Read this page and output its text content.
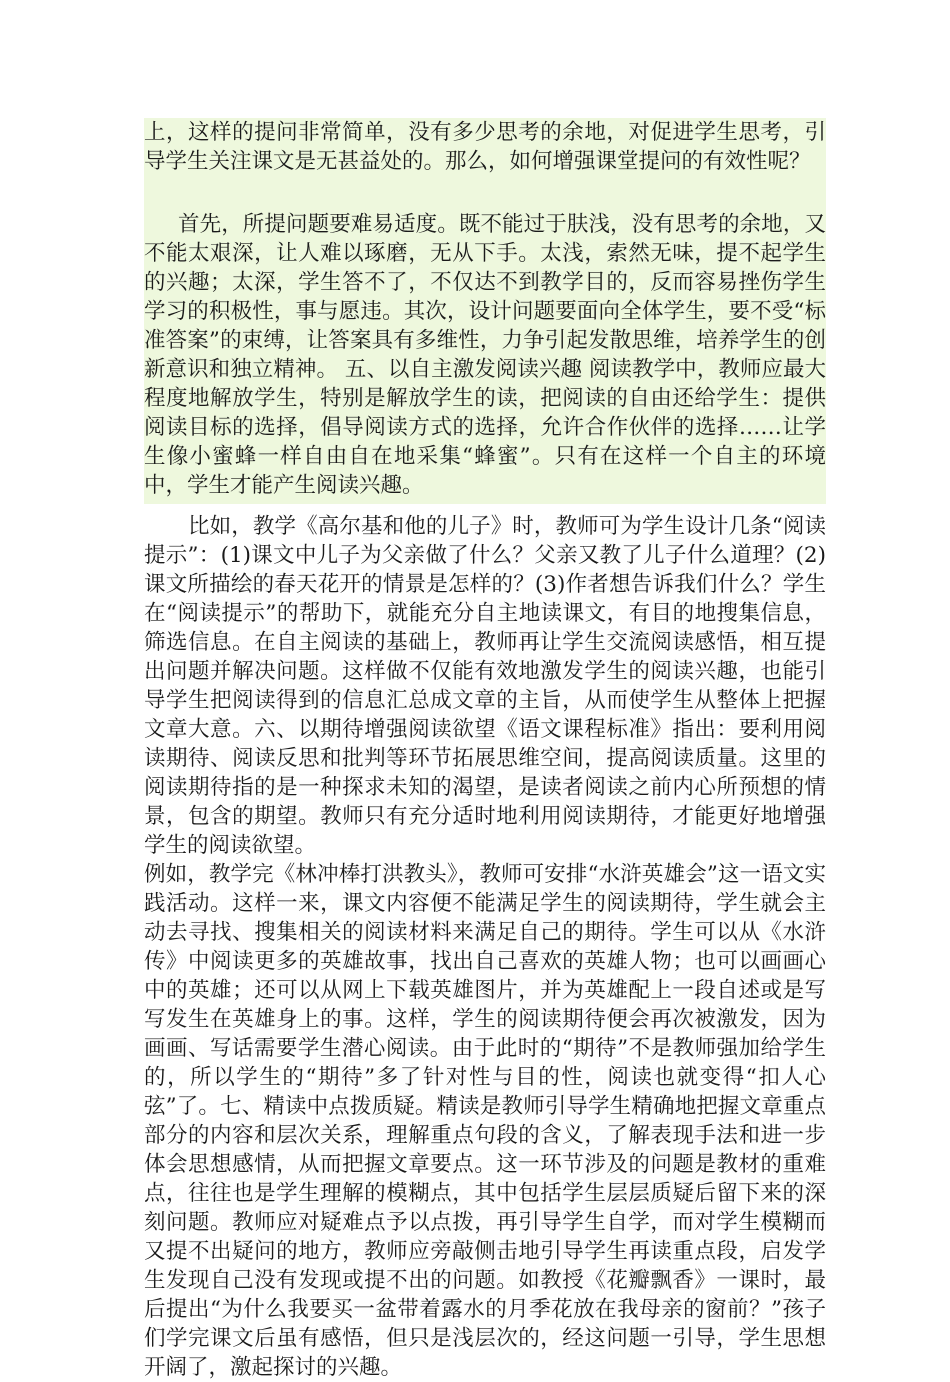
上，这样的提问非常简单，没有多少思考的余地，对促进学生思考，引导学生关注课文是无甚益处的。那么，如何增强课堂提问的有效性呢？

首先，所提问题要难易适度。既不能过于肤浅，没有思考的余地，又不能太艰深，让人难以琢磨，无从下手。太浅，索然无味，提不起学生的兴趣；太深，学生答不了，不仅达不到教学目的，反而容易挫伤学生学习的积极性，事与愿违。其次，设计问题要面向全体学生，要不受“标准答案”的束缚，让答案具有多维性，力争引起发散思维，培养学生的创新意识和独立精神。 五、以自主激发阅读兴趣 阅读教学中，教师应最大程度地解放学生，特别是解放学生的读，把阅读的自由还给学生：提供阅读目标的选择，倡导阅读方式的选择，允许合作伙伴的选择……让学生像小蜜蜂一样自由自在地采集“蜂蜜”。只有在这样一个自主的环境中，学生才能产生阅读兴趣。

比如，教学《高尔基和他的儿子》时，教师可为学生设计几条“阅读提示”：(1)课文中儿子为父亲做了什么？父亲又教了儿子什么道理？(2)课文所描绘的春天花开的情景是怎样的？(3)作者想告诉我们什么？学生在“阅读提示”的帮助下，就能充分自主地读课文，有目的地搜集信息，筛选信息。在自主阅读的基础上，教师再让学生交流阅读感悟，相互提出问题并解决问题。这样做不仅能有效地激发学生的阅读兴趣，也能引导学生把阅读得到的信息汇总成文章的主旨，从而使学生从整体上把握文章大意。六、以期待增强阅读欲望《语文课程标准》指出：要利用阅读期待、阅读反思和批判等环节拓展思维空间，提高阅读质量。这里的阅读期待指的是一种探求未知的渴望，是读者阅读之前内心所预想的情景，包含的期望。教师只有充分适时地利用阅读期待，才能更好地增强学生的阅读欲望。

例如，教学完《林冲棒打洪教头》，教师可安排“水浒英雄会”这一语文实践活动。这样一来，课文内容便不能满足学生的阅读期待，学生就会主动去寻找、搜集相关的阅读材料来满足自己的期待。学生可以从《水浒传》中阅读更多的英雄故事，找出自己喜欢的英雄人物；也可以画画心中的英雄；还可以从网上下载英雄图片，并为英雄配上一段自述或是写写发生在英雄身上的事。这样，学生的阅读期待便会再次被激发，因为画画、写话需要学生潜心阅读。由于此时的“期待”不是教师强加给学生的，所以学生的“期待”多了针对性与目的性，阅读也就变得“扣人心弦”了。七、精读中点拨质疑。精读是教师引导学生精确地把握文章重点部分的内容和层次关系，理解重点句段的含义，了解表现手法和进一步体会思想感情，从而把握文章要点。这一环节涉及的问题是教材的重难点，往往也是学生理解的模糊点，其中包括学生层层质疑后留下来的深刻问题。教师应对疑难点予以点拨，再引导学生自学，而对学生模糊而又提不出疑问的地方，教师应旁敲侧击地引导学生再读重点段，启发学生发现自己没有发现或提不出的问题。如教授《花瓣飘香》一课时，最后提出“为什么我要买一盆带着露水的月季花放在我母亲的窗前？”孩子们学完课文后虽有感悟，但只是浅层次的，经这问题一引导，学生思想开阔了，激起探讨的兴趣。
